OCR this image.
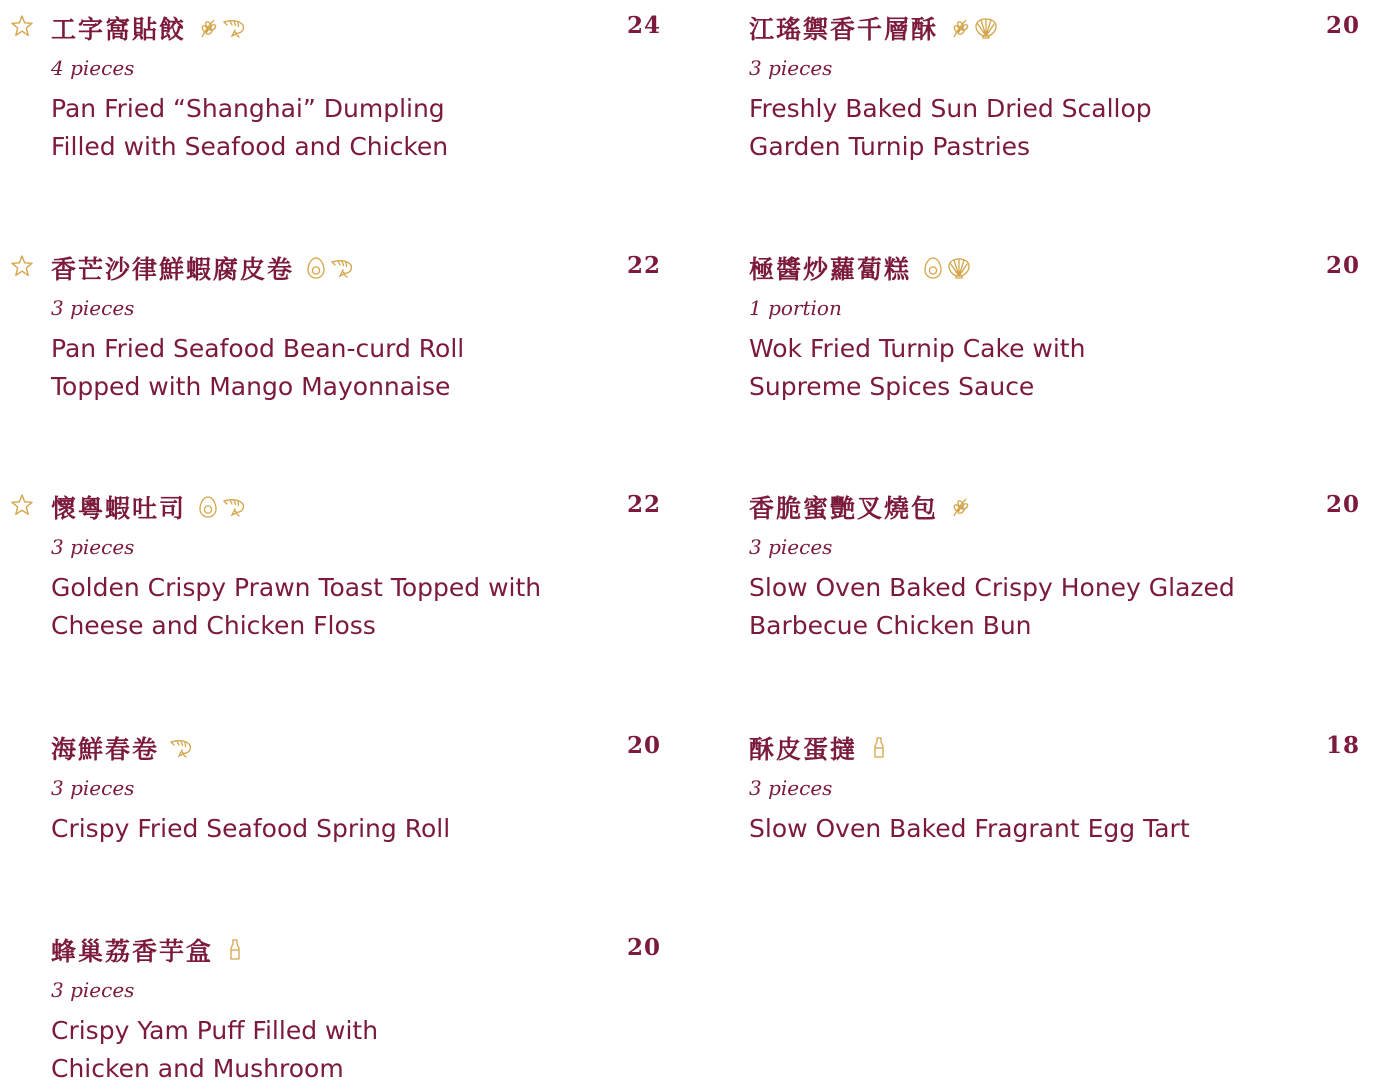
工字窩貼餃	24
4 pieces
Pan Fried “Shanghai” Dumpling
Filled with Seafood and Chicken
香芒沙律鮮蝦腐皮卷	22
3 pieces
Pan Fried Seafood Bean-curd Roll
Topped with Mango Mayonnaise
懷粵蝦吐司	22
3 pieces
Golden Crispy Prawn Toast Topped with
Cheese and Chicken Floss
海鮮春卷	20
3 pieces
Crispy Fried Seafood Spring Roll
蜂巢荔香芋盒	20
3 pieces
Crispy Yam Puff Filled with
Chicken and Mushroom
江瑤禦香千層酥	20
3 pieces
Freshly Baked Sun Dried Scallop
Garden Turnip Pastries
極醬炒蘿蔔糕	20
1 portion
Wok Fried Turnip Cake with
Supreme Spices Sauce
香脆蜜艷叉燒包	20
3 pieces
Slow Oven Baked Crispy Honey Glazed
Barbecue Chicken Bun
酥皮蛋撻	18
3 pieces
Slow Oven Baked Fragrant Egg Tart
